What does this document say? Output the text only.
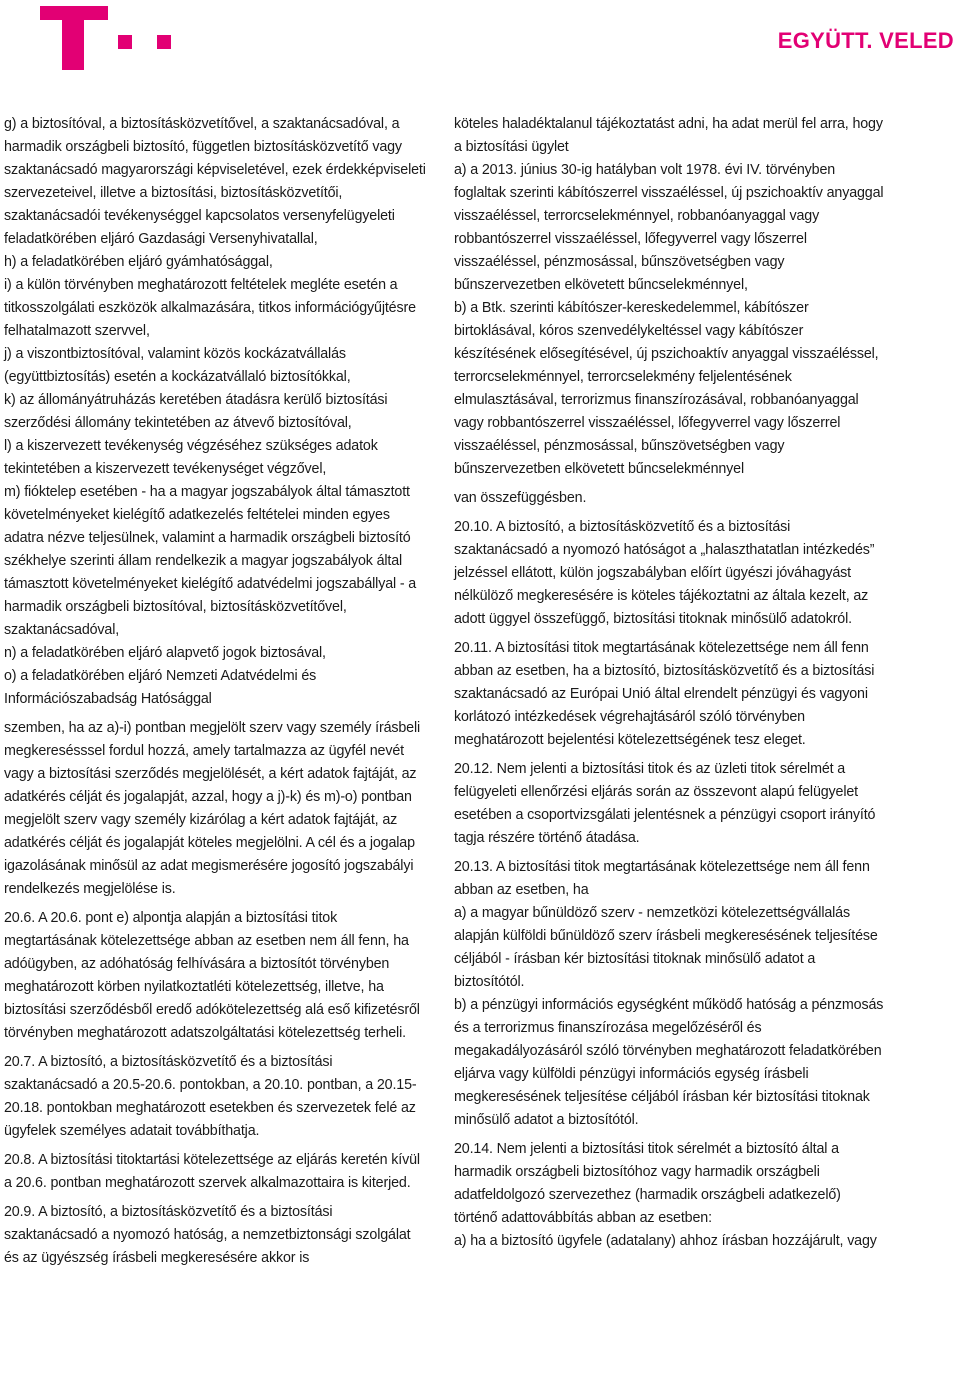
EGYÜTT. VELED

g) a biztosítóval, a biztosításközvetítővel, a szaktanácsadóval, a harmadik országbeli biztosító, független biztosításközvetítő vagy szaktanácsadó magyarországi képviseletével, ezek érdekképviseleti szervezeteivel, illetve a biztosítási, biztosításközvetítői, szaktanácsadói tevékenységgel kapcsolatos versenyfelügyeleti feladatkörében eljáró Gazdasági Versenyhivatallal,

h) a feladatkörében eljáró gyámhatósággal,

i) a külön törvényben meghatározott feltételek megléte esetén a titkosszolgálati eszközök alkalmazására, titkos információgyűjtésre felhatalmazott szervvel,

j) a viszontbiztosítóval, valamint közös kockázatvállalás (együttbiztosítás) esetén a kockázatvállaló biztosítókkal,

k) az állományátruházás keretében átadásra kerülő biztosítási szerződési állomány tekintetében az átvevő biztosítóval,

l) a kiszervezett tevékenység végzéséhez szükséges adatok tekintetében a kiszervezett tevékenységet végzővel,

m) fióktelep esetében - ha a magyar jogszabályok által támasztott követelményeket kielégítő adatkezelés feltételei minden egyes adatra nézve teljesülnek, valamint a harmadik országbeli biztosító székhelye szerinti állam rendelkezik a magyar jogszabályok által támasztott követelményeket kielégítő adatvédelmi jogszabállyal - a harmadik országbeli biztosítóval, biztosításközvetítővel, szaktanácsadóval,

n) a feladatkörében eljáró alapvető jogok biztosával,

o) a feladatkörében eljáró Nemzeti Adatvédelmi és Információszabadság Hatósággal

szemben, ha az a)-i) pontban megjelölt szerv vagy személy írásbeli megkeresésssel fordul hozzá, amely tartalmazza az ügyfél nevét vagy a biztosítási szerződés megjelölését, a kért adatok fajtáját, az adatkérés célját és jogalapját, azzal, hogy a j)-k) és m)-o) pontban megjelölt szerv vagy személy kizárólag a kért adatok fajtáját, az adatkérés célját és jogalapját köteles megjelölni. A cél és a jogalap igazolásának minősül az adat megismerésére jogosító jogszabályi rendelkezés megjelölése is.

20.6. A 20.6. pont e) alpontja alapján a biztosítási titok megtartásának kötelezettsége abban az esetben nem áll fenn, ha adóügyben, az adóhatóság felhívására a biztosítót törvényben meghatározott körben nyilatkoztatléti kötelezettség, illetve, ha biztosítási szerződésből eredő adókötelezettség alá eső kifizetésről törvényben meghatározott adatszolgáltatási kötelezettség terheli.

20.7. A biztosító, a biztosításközvetítő és a biztosítási szaktanácsadó a 20.5-20.6. pontokban, a 20.10. pontban, a 20.15-20.18. pontokban meghatározott esetekben és szervezetek felé az ügyfelek személyes adatait továbbíthatja.

20.8. A biztosítási titoktartási kötelezettsége az eljárás keretén kívül a 20.6. pontban meghatározott szervek alkalmazottaira is kiterjed.

20.9. A biztosító, a biztosításközvetítő és a biztosítási szaktanácsadó a nyomozó hatóság, a nemzetbiztonsági szolgálat és az ügyészség írásbeli megkeresésére akkor is

köteles haladéktalanul tájékoztatást adni, ha adat merül fel arra, hogy a biztosítási ügylet

a) a 2013. június 30-ig hatályban volt 1978. évi IV. törvényben foglaltak szerinti kábítószerrel visszaéléssel, új pszichoaktív anyaggal visszaéléssel, terrorcselekménnyel, robbanóanyaggal vagy robbantószerrel visszaéléssel, lőfegyverrel vagy lőszerrel visszaéléssel, pénzmosással, bűnszövetségben vagy bűnszervezetben elkövetett bűncselekménnyel,

b) a Btk. szerinti kábítószer-kereskedelemmel, kábítószer birtoklásával, kóros szenvedélykeltéssel vagy kábítószer készítésének elősegítésével, új pszichoaktív anyaggal visszaéléssel, terrorcselekménnyel, terrorcselekmény feljelentésének elmulasztásával, terrorizmus finanszírozásával, robbanóanyaggal vagy robbantószerrel visszaéléssel, lőfegyverrel vagy lőszerrel visszaéléssel, pénzmosással, bűnszövetségben vagy bűnszervezetben elkövetett bűncselekménnyel

van összefüggésben.

20.10. A biztosító, a biztosításközvetítő és a biztosítási szaktanácsadó a nyomozó hatóságot a „halaszthatatlan intézkedés” jelzéssel ellátott, külön jogszabályban előírt ügyészi jóváhagyást nélkülöző megkeresésére is köteles tájékoztatni az általa kezelt, az adott üggyel összefüggő, biztosítási titoknak minősülő adatokról.

20.11. A biztosítási titok megtartásának kötelezettsége nem áll fenn abban az esetben, ha a biztosító, biztosításközvetítő és a biztosítási szaktanácsadó az Európai Unió által elrendelt pénzügyi és vagyoni korlátozó intézkedések végrehajtásáról szóló törvényben meghatározott bejelentési kötelezettségének tesz eleget.

20.12. Nem jelenti a biztosítási titok és az üzleti titok sérelmét a felügyeleti ellenőrzési eljárás során az összevont alapú felügyelet esetében a csoportvizsgálati jelentésnek a pénzügyi csoport irányító tagja részére történő átadása.

20.13. A biztosítási titok megtartásának kötelezettsége nem áll fenn abban az esetben, ha

a) a magyar bűnüldöző szerv - nemzetközi kötelezettségvállalás alapján külföldi bűnüldöző szerv írásbeli megkeresésének teljesítése céljából - írásban kér biztosítási titoknak minősülő adatot a biztosítótól.

b) a pénzügyi információs egységként működő hatóság a pénzmosás és a terrorizmus finanszírozása megelőzéséről és megakadályozásáról szóló törvényben meghatározott feladatkörében eljárva vagy külföldi pénzügyi információs egység írásbeli megkeresésének teljesítése céljából írásban kér biztosítási titoknak minősülő adatot a biztosítótól.

20.14. Nem jelenti a biztosítási titok sérelmét a biztosító által a harmadik országbeli biztosítóhoz vagy harmadik országbeli adatfeldolgozó szervezethez (harmadik országbeli adatkezelő) történő adattovábbítás abban az esetben:

a) ha a biztosító ügyfele (adatalany) ahhoz írásban hozzájárult, vagy
